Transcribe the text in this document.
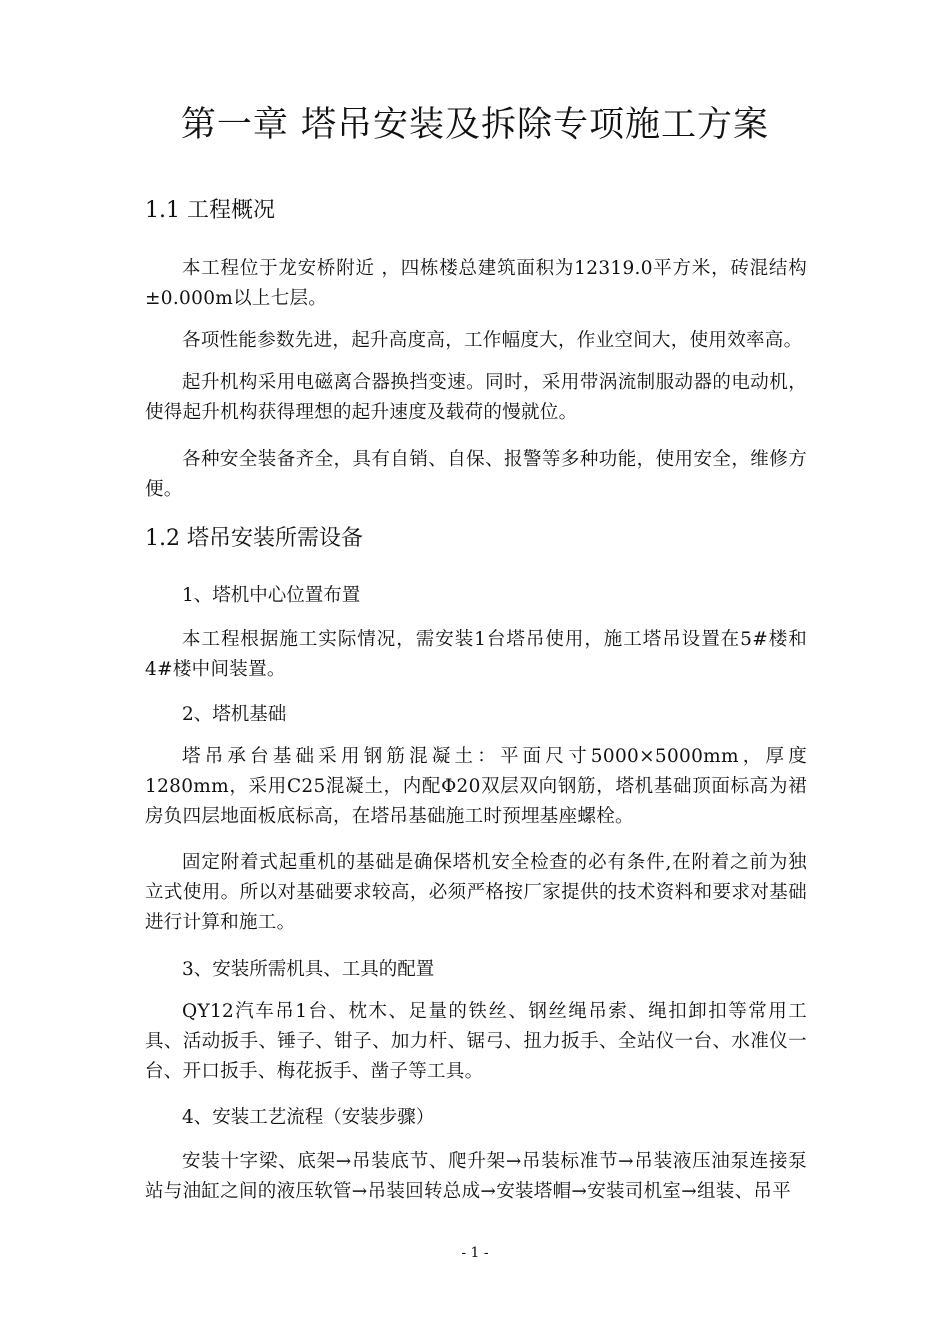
第一章 塔吊安装及拆除专项施工方案
1.1 工程概况

本工程位于龙安桥附近 ，四栋楼总建筑面积为12319.0平方米，砖混结构±0.000m以上七层。

各项性能参数先进，起升高度高，工作幅度大，作业空间大，使用效率高。

起升机构采用电磁离合器换挡变速。同时，采用带涡流制服动器的电动机，使得起升机构获得理想的起升速度及载荷的慢就位。

各种安全装备齐全，具有自销、自保、报警等多种功能，使用安全，维修方便。

1.2 塔吊安装所需设备

1、塔机中心位置布置

本工程根据施工实际情况，需安装1台塔吊使用，施工塔吊设置在5#楼和4#楼中间装置。

2、塔机基础

塔吊承台基础采用钢筋混凝土：平面尺寸5000×5000mm，厚度1280mm，采用C25混凝土，内配Φ20双层双向钢筋，塔机基础顶面标高为裙房负四层地面板底标高，在塔吊基础施工时预埋基座螺栓。

固定附着式起重机的基础是确保塔机安全检查的必有条件,在附着之前为独立式使用。所以对基础要求较高，必须严格按厂家提供的技术资料和要求对基础进行计算和施工。

3、安装所需机具、工具的配置

QY12汽车吊1台、枕木、足量的铁丝、钢丝绳吊索、绳扣卸扣等常用工具、活动扳手、锤子、钳子、加力杆、锯弓、扭力扳手、全站仪一台、水准仪一台、开口扳手、梅花扳手、凿子等工具。

4、安装工艺流程（安装步骤）

安装十字梁、底架→吊装底节、爬升架→吊装标准节→吊装液压油泵连接泵站与油缸之间的液压软管→吊装回转总成→安装塔帽→安装司机室→组装、吊平

- 1 -
